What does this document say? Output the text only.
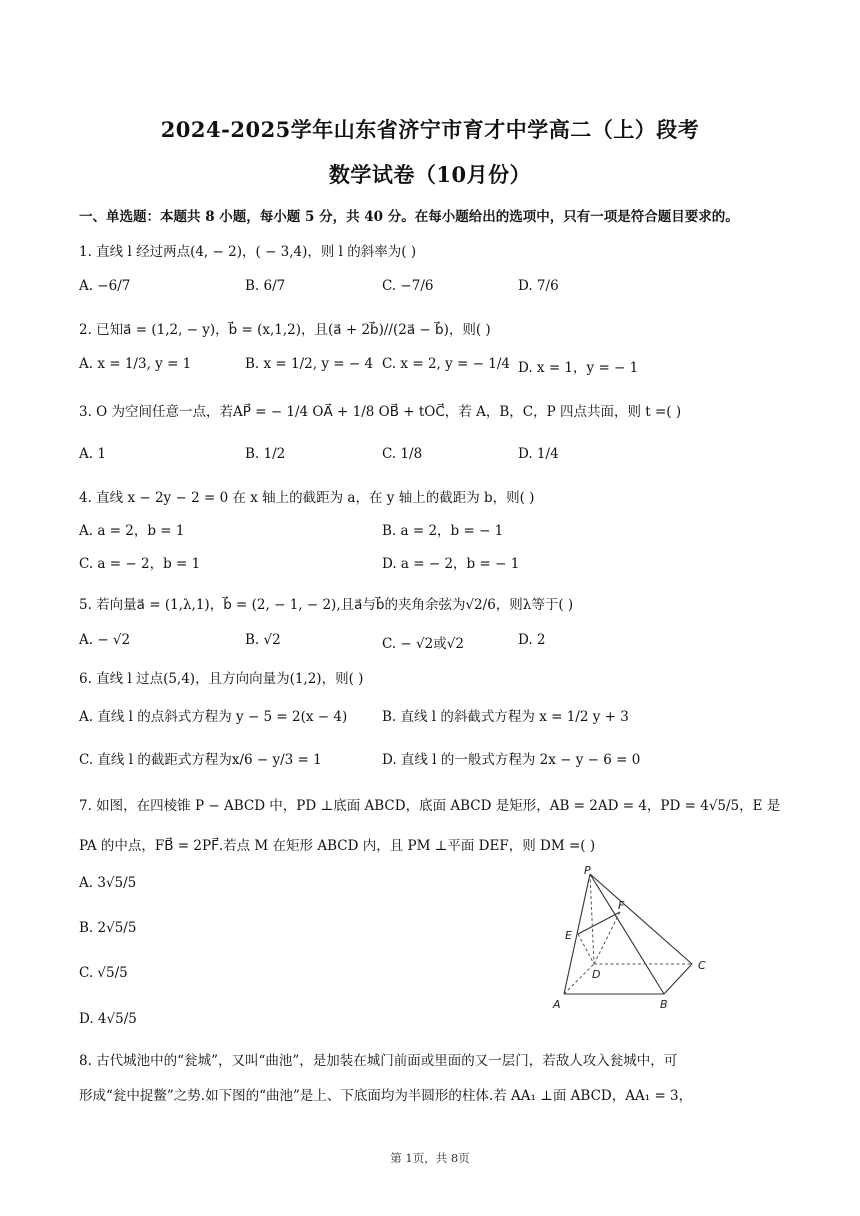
2024-2025学年山东省济宁市育才中学高二（上）段考
数学试卷（10月份）
一、单选题：本题共 8 小题，每小题 5 分，共 40 分。在每小题给出的选项中，只有一项是符合题目要求的。
1. 直线 l 经过两点(4, − 2)，( − 3,4)，则 l 的斜率为( )
A. −6/7	B. 6/7	C. −7/6	D. 7/6
2. 已知a⃗ = (1,2, − y)，b⃗ = (x,1,2)，且(a⃗ + 2b⃗)//(2a⃗ − b⃗)，则( )
A. x = 1/3, y = 1	B. x = 1/2, y = − 4 C. x = 2, y = − 1/4 D. x = 1，y = − 1
3. O 为空间任意一点，若AP⃗ = − 1/4 OA⃗ + 1/8 OB⃗ + tOC⃗，若 A，B，C，P 四点共面，则 t =( )
A. 1	B. 1/2	C. 1/8	D. 1/4
4. 直线 x − 2y − 2 = 0 在 x 轴上的截距为 a，在 y 轴上的截距为 b，则( )
A. a = 2，b = 1	B. a = 2，b = − 1
C. a = − 2，b = 1	D. a = − 2，b = − 1
5. 若向量a⃗ = (1,λ,1)，b⃗ = (2, − 1, − 2),且a⃗与b⃗的夹角余弦为√2/6，则λ等于( )
A. − √2	B. √2	C. − √2或√2	D. 2
6. 直线 l 过点(5,4)，且方向向量为(1,2)，则( )
A. 直线 l 的点斜式方程为 y − 5 = 2(x − 4)	B. 直线 l 的斜截式方程为 x = 1/2 y + 3
C. 直线 l 的截距式方程为x/6 − y/3 = 1	D. 直线 l 的一般式方程为 2x − y − 6 = 0
7. 如图，在四棱锥 P − ABCD 中，PD ⊥底面 ABCD，底面 ABCD 是矩形，AB = 2AD = 4，PD = 4√5/5，E 是
PA 的中点，FB⃗ = 2PF⃗.若点 M 在矩形 ABCD 内，且 PM ⊥平面 DEF，则 DM =( )
A. 3√5/5
B. 2√5/5
C. √5/5
D. 4√5/5
P
F
E
D
C
A	B
8. 古代城池中的“瓮城”，又叫“曲池”，是加装在城门前面或里面的又一层门，若敌人攻入瓮城中，可
形成“瓮中捉鳖”之势.如下图的“曲池”是上、下底面均为半圆形的柱体.若 AA₁ ⊥面 ABCD，AA₁ = 3，
第 1页，共 8页
